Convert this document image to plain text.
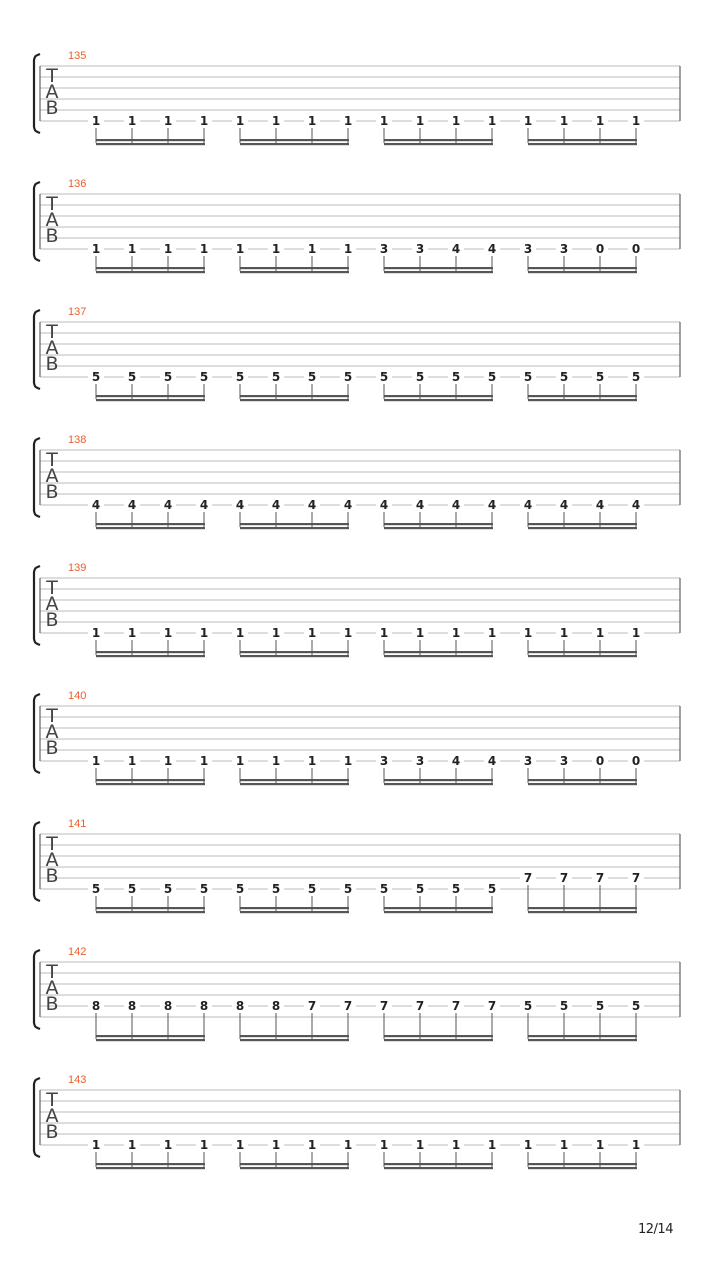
135
T
A
B
1	1	1	1	1	1	1	1	1	1	1	1	1	1	1	1
136
T
A
B
1	1	1	1	1	1	1	1	3	3	4	4	3	3	0	0
137
T
A
B
5	5	5	5	5	5	5	5	5	5	5	5	5	5	5	5
138
T
A
B
4	4	4	4	4	4	4	4	4	4	4	4	4	4	4	4
139
T
A
B
1	1	1	1	1	1	1	1	1	1	1	1	1	1	1	1
140
T
A
B
1	1	1	1	1	1	1	1	3	3	4	4	3	3	0	0
141
T
A
B
5	5	5	5	5	5	5	5	5	5	5	5
7	7	7	7
142
T
A
B	8	8	8	8	8	8	7	7	7	7	7	7	5	5	5	5
143
T
A
B
1	1	1	1	1	1	1	1	1	1	1	1	1	1	1	1
12/14
